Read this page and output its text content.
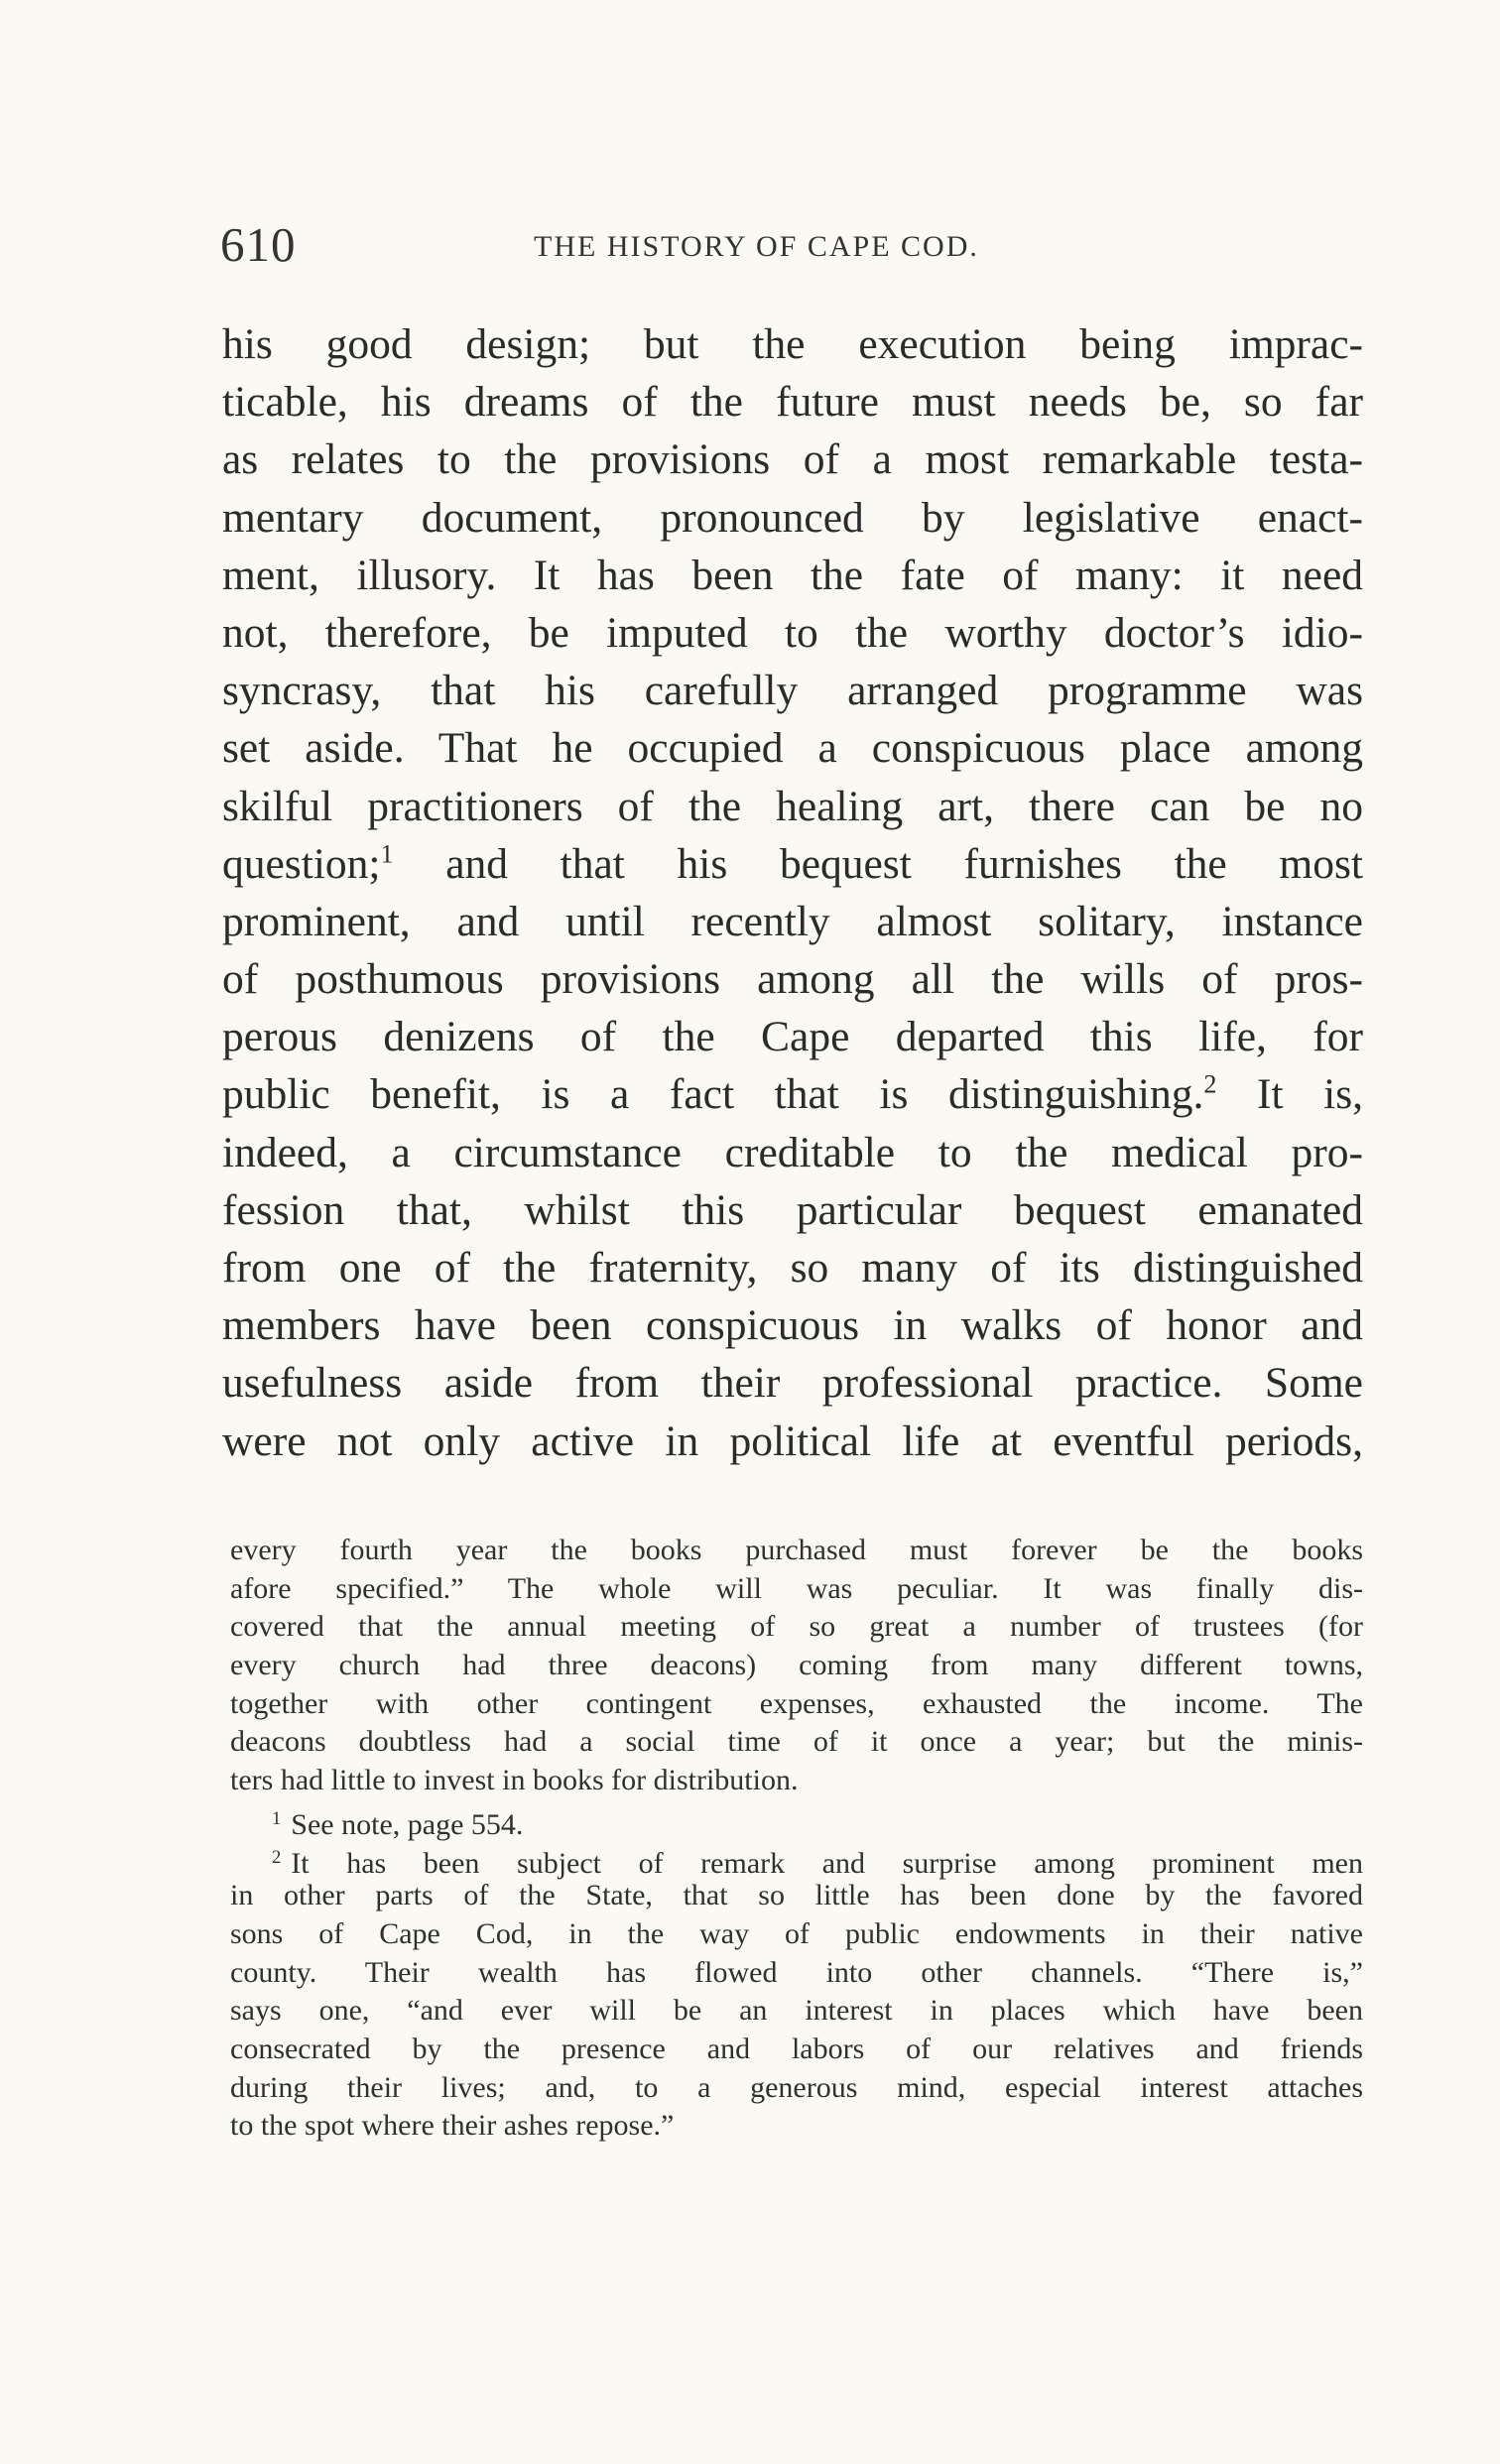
610	THE HISTORY OF CAPE COD.
his good design; but the execution being imprac-
ticable, his dreams of the future must needs be, so far
as relates to the provisions of a most remarkable testa-
mentary document, pronounced by legislative enact-
ment, illusory. It has been the fate of many: it need
not, therefore, be imputed to the worthy doctor’s idio-
syncrasy, that his carefully arranged programme was
set aside. That he occupied a conspicuous place among
skilful practitioners of the healing art, there can be no
question;$^1$ and that his bequest furnishes the most
prominent, and until recently almost solitary, instance
of posthumous provisions among all the wills of pros-
perous denizens of the Cape departed this life, for
public benefit, is a fact that is distinguishing.$^2$ It is,
indeed, a circumstance creditable to the medical pro-
fession that, whilst this particular bequest emanated
from one of the fraternity, so many of its distinguished
members have been conspicuous in walks of honor and
usefulness aside from their professional practice. Some
were not only active in political life at eventful periods,
every fourth year the books purchased must forever be the books
afore specified.” The whole will was peculiar. It was finally dis-
covered that the annual meeting of so great a number of trustees (for
every church had three deacons) coming from many different towns,
together with other contingent expenses, exhausted the income. The
deacons doubtless had a social time of it once a year; but the minis-
ters had little to invest in books for distribution.
$^1$ See note, page 554.
$^2$ It has been subject of remark and surprise among prominent men
in other parts of the State, that so little has been done by the favored
sons of Cape Cod, in the way of public endowments in their native
county. Their wealth has flowed into other channels. “There is,”
says one, “and ever will be an interest in places which have been
consecrated by the presence and labors of our relatives and friends
during their lives; and, to a generous mind, especial interest attaches
to the spot where their ashes repose.”
